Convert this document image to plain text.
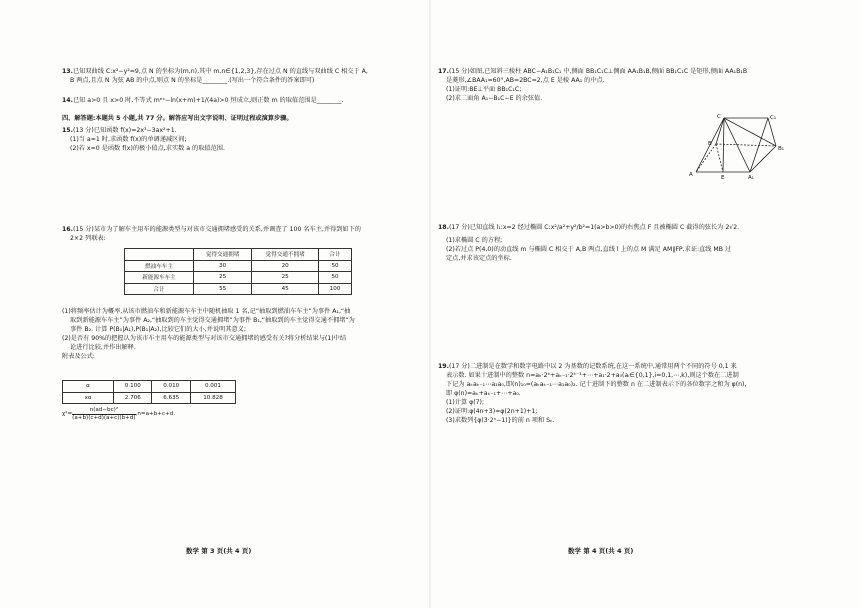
13.已知双曲线 C:x²−y²=9,点 N 的坐标为(m,n),其中 m,n∈{1,2,3},存在过点 N 的直线与双曲线 C 相交于 A,

B 两点,且点 N 为弦 AB 的中点,则点 N 的坐标是________.(写出一个符合条件的答案即可)

14.已知 a>0 且 x>0 时,不等式 mᵉˣ−ln(x+m)+1/(4a)>0 恒成立,则正数 m 的取值范围是________.

四、解答题:本题共 5 小题,共 77 分。解答应写出文字说明、证明过程或演算步骤。

15.(13 分)已知函数 f(x)=2x³−3ax²+1.

(1)当 a=1 时,求函数 f(x)的单调递减区间;

(2)若 x=0 是函数 f(x)的极小值点,求实数 a 的取值范围.

16.(15 分)某市为了解车主用车的能源类型与对该市交通拥堵感受的关系,并调查了 100 名车主,并得到如下的

2×2 列联表:

	觉得交通拥堵	觉得交通不拥堵	合计
燃油车车主	30	20	50
新能源车车主	25	25	50
合计	55	45	100

(1)将频率估计为概率,从该市燃油车和新能源车车主中随机抽取 1 名,记“抽取到燃油车车主”为事件 A₁,“抽

取到新能源车车主”为事件 A₂,“抽取到的车主觉得交通拥堵”为事件 B₁,“抽取到的车主觉得交通不拥堵”为

事件 B₂. 计算 P(B₁|A₁),P(B₁|A₂),比较它们的大小,并说明其意义;

(2)是否有 90%的把握认为该市车主用车的能源类型与对该市交通拥堵的感受有关?将分析结果与(1)中结

论进行比较,并作出解释.

附表及公式:

α	0.100	0.010	0.001
xα	2.706	6.635	10.828
$\chi^2= \frac{\text{n(ad−bc)²}}{(a+b)(c+d)(a+c)(b+d)} ,n=a+b+c+d$.
数学 第 3 页(共 4 页)

17.(15 分)如图,已知斜三棱柱 ABC−A₁B₁C₁ 中,侧面 BB₁C₁C⊥侧面 AA₁B₁B,侧面 BB₁C₁C 是矩形,侧面 AA₁B₁B

是菱形,∠BAA₁=60°,AB=2BC=2,点 E 是棱 AA₁ 的中点.

(1)证明:BE⊥平面 BB₁C₁C;

(2)求二面角 A₁−B₁C−E 的余弦值.

C	C₁
B
B₁
A	E	A₁

18.(17 分)已知直线 l₁:x=2 经过椭圆 C:x²/a²+y²/b²=1(a>b>0)的右焦点 F 且被椭圆 C 截得的弦长为 2√2.

(1)求椭圆 C 的方程;

(2)若过点 P(4,0)的动直线 m 与椭圆 C 相交于 A,B 两点,直线 l 上的点 M 满足 AM∥FP,求证:直线 MB 过

定点,并求该定点的坐标.

19.(17 分)二进制是在数学和数字电路中以 2 为基数的记数系统,在这一系统中,通常用两个不同的符号 0,1 来

表示数. 如果十进制中的整数 n=aₖ·2ᵏ+aₖ₋₁·2ᵏ⁻¹+⋯+a₁·2+a₀(aᵢ∈{0,1},i=0,1,⋯,k),则这个数在二进制

下记为 aₖaₖ₋₁⋯a₁a₀,即(n)₁₀=(aₖaₖ₋₁⋯a₁a₀)₂. 记十进制下的整数 n 在二进制表示下的各位数字之和为 φ(n),

即 φ(n)=aₖ+aₖ₋₁+⋯+a₀.

(1)计算 φ(7);

(2)证明:φ(4n+3)=φ(2n+1)+1;

(3)求数列{φ(3·2ⁿ−1)}的前 n 项和 Sₙ.

数学 第 4 页(共 4 页)
